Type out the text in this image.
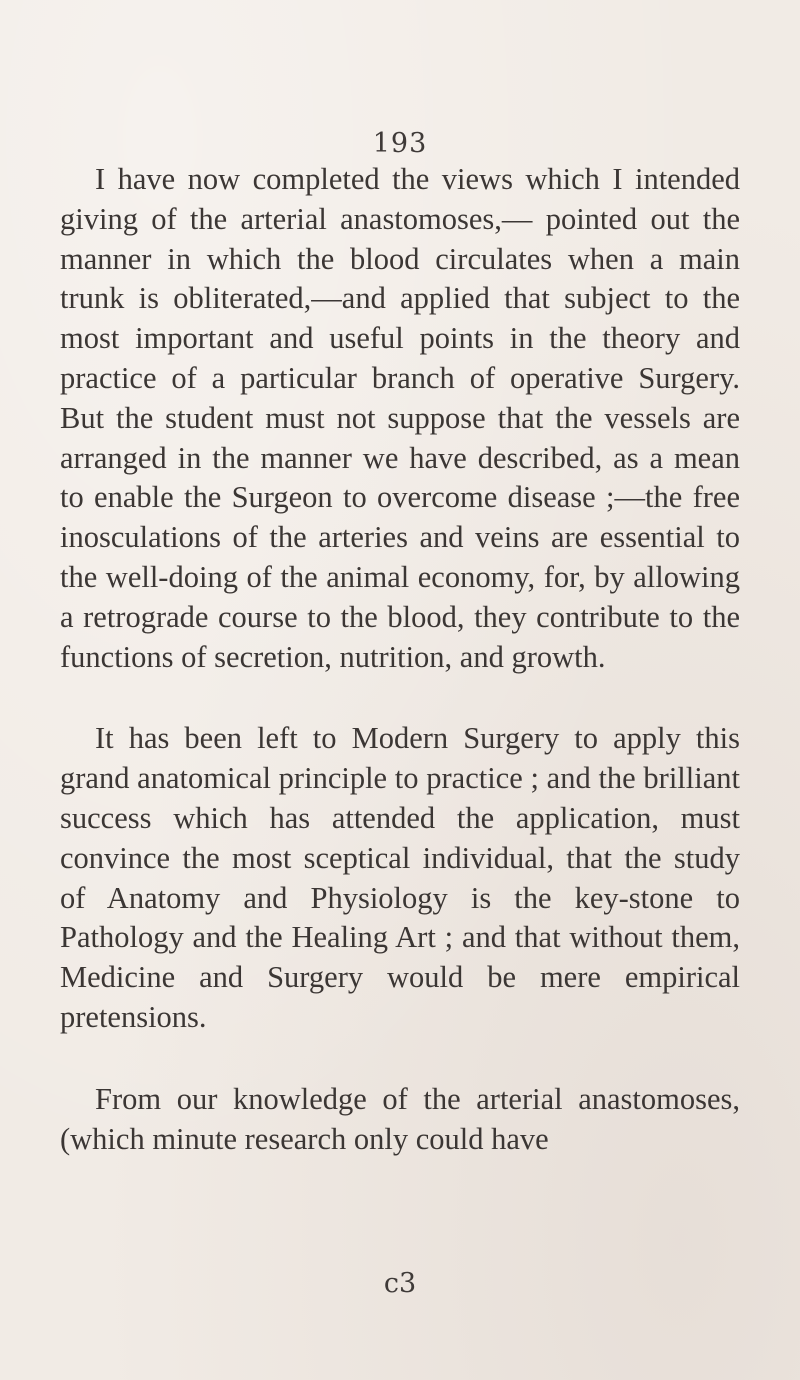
193

I have now completed the views which I intended giving of the arterial anastomoses,— pointed out the manner in which the blood circulates when a main trunk is obliterated,—and applied that subject to the most important and useful points in the theory and practice of a particular branch of operative Surgery. But the student must not suppose that the vessels are arranged in the manner we have described, as a mean to enable the Surgeon to overcome disease ;—the free inosculations of the arteries and veins are essential to the well-doing of the animal economy, for, by allowing a retrograde course to the blood, they contribute to the functions of secretion, nutrition, and growth.

It has been left to Modern Surgery to apply this grand anatomical principle to practice ; and the brilliant success which has attended the application, must convince the most sceptical individual, that the study of Anatomy and Physiology is the key-stone to Pathology and the Healing Art ; and that without them, Medicine and Surgery would be mere empirical pretensions.

From our knowledge of the arterial anastomoses, (which minute research only could have

c3
